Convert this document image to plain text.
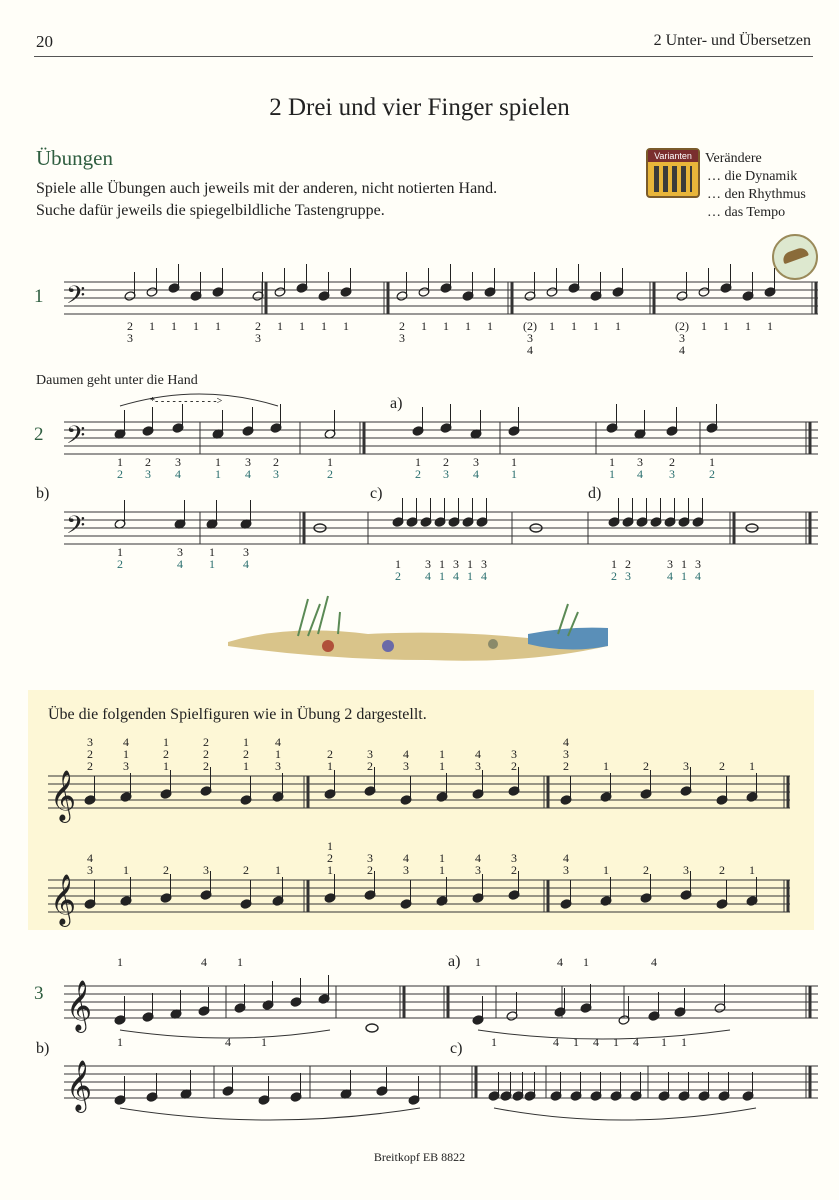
20	2 Unter- und Übersetzen
2 Drei und vier Finger spielen
Übungen
Spiele alle Übungen auch jeweils mit der anderen, nicht notierten Hand.
Suche dafür jeweils die spiegelbildliche Tastengruppe.
Varianten Verändere
… die Dynamik
… den Rhythmus
… das Tempo
1
Daumen geht unter die Hand
2
a)
b)	c)	d)
Übe die folgenden Spielfiguren wie in Übung 2 dargestellt.
3
a)
b)	c)
𝄢
2
3
1 1 1 1	2
3
1 1 1 1	2
3
1 1 1 1	(2)
3
4
1 1 1 1	(2)
3
4
1 1 1 1
𝄢
1
2
2
3
3
4
1
1
3
4
2
3
1
2
1
2
2
3
3
4
1
1
1
1
3
4
2
3
1
2
*- - - - - - - - - - ->
𝄢
1
2
3
4
1
1
3
4	1
2
3
4
1
1
3
4
1
1
3
4
1
2
2
3
3
4
1
1
3
4
𝄞
3
2
2
4
1
3
1
2
1
2
2
2
1
2
1
4
1
3
2
1
3
2
4
3
1
1
4
3
3
2
4
3
2	1	2	3	2 1
𝄞
4
3	1	2	3	2 1
1
2
1
3
2
4
3
1
1
4
3
3
2
4
3	1	2	3	2 1
𝄞
1	4	1	1	4 1	4
𝄞
1	4	1	1	4 1 4 1 4 1 1
Breitkopf EB 8822
